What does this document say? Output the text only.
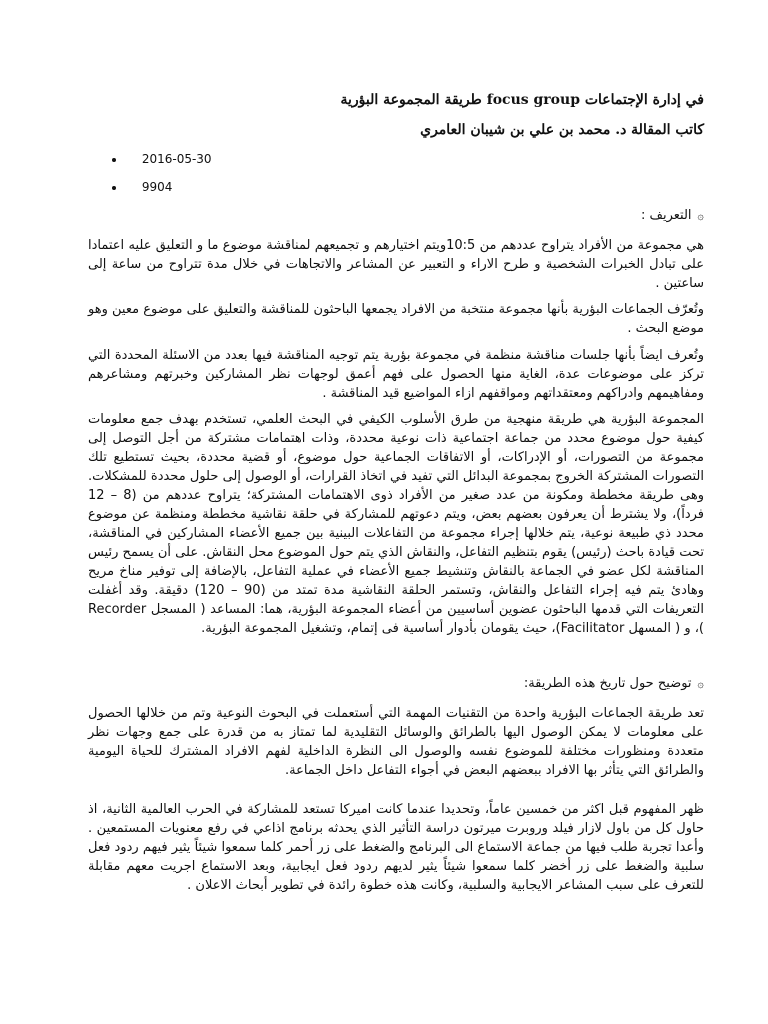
في إدارة الإجتماعات focus group طريقة المجموعة البؤرية
كاتب المقالة د. محمد بن علي بن شيبان العامري
2016-05-30
9904
۞التعريف :
هي مجموعة من الأفراد يتراوح عددهم من 10:5ويتم اختيارهم و تجميعهم لمناقشة موضوع ما و التعليق عليه اعتمادا على تبادل الخبرات الشخصية و طرح الاراء و التعبير عن المشاعر والاتجاهات في خلال مدة تتراوح من ساعة إلى ساعتين .
وتُعرّف الجماعات البؤرية بأنها مجموعة منتخبة من الافراد يجمعها الباحثون للمناقشة والتعليق على موضوع معين وهو موضع البحث .
وتُعرف ايضاً بأنها جلسات مناقشة منظمة في مجموعة بؤرية يتم توجيه المناقشة فيها بعدد من الاسئلة المحددة التي تركز على موضوعات عدة، الغاية منها الحصول على فهم أعمق لوجهات نظر المشاركين وخبرتهم ومشاعرهم ومفاهيمهم وادراكهم ومعتقداتهم ومواقفهم ازاء المواضيع قيد المناقشة .
المجموعة البؤرية هي طريقة منهجية من طرق الأسلوب الكيفي في البحث العلمي، تستخدم بهدف جمع معلومات كيفية حول موضوع محدد من جماعة اجتماعية ذات نوعية محددة، وذات اهتمامات مشتركة من أجل التوصل إلى مجموعة من التصورات، أو الإدراكات، أو الاتفاقات الجماعية حول موضوع، أو قضية محددة، بحيث تستطيع تلك التصورات المشتركة الخروج بمجموعة البدائل التي تفيد في اتخاذ القرارات، أو الوصول إلى حلول محددة للمشكلات. وهى طريقة مخططة ومكونة من عدد صغير من الأفراد ذوى الاهتمامات المشتركة؛ يتراوح عددهم من (8 – 12 فرداً)، ولا يشترط أن يعرفون بعضهم بعض، ويتم دعوتهم للمشاركة في حلقة نقاشية مخططة ومنظمة عن موضوع محدد ذي طبيعة نوعية، يتم خلالها إجراء مجموعة من التفاعلات البينية بين جميع الأعضاء المشاركين في المناقشة، تحت قيادة باحث (رئيس) يقوم بتنظيم التفاعل، والنقاش الذي يتم حول الموضوع محل النقاش. على أن يسمح رئيس المناقشة لكل عضو في الجماعة بالنقاش وتنشيط جميع الأعضاء في عملية التفاعل، بالإضافة إلى توفير مناخ مريح وهادئ يتم فيه إجراء التفاعل والنقاش، وتستمر الحلقة النقاشية مدة تمتد من (90 – 120) دقيقة. وقد أغفلت التعريفات التي قدمها الباحثون عضوين أساسيين من أعضاء المجموعة البؤرية، هما: المساعد ( المسجل Recorder )، و ( المسهل Facilitator)، حيث يقومان بأدوار أساسية فى إتمام، وتشغيل المجموعة البؤرية.
۞توضيح حول تاريخ هذه الطريقة:
تعد طريقة الجماعات البؤرية واحدة من التقنيات المهمة التي أستعملت في البحوث النوعية وتم من خلالها الحصول على معلومات لا يمكن الوصول اليها بالطرائق والوسائل التقليدية لما تمتاز به من قدرة على جمع وجهات نظر متعددة ومنظورات مختلفة للموضوع نفسه والوصول الى النظرة الداخلية لفهم الافراد المشترك للحياة اليومية والطرائق التي يتأثر بها الافراد ببعضهم البعض في أجواء التفاعل داخل الجماعة.
ظهر المفهوم قبل اكثر من خمسين عاماً، وتحديدا عندما كانت اميركا تستعد للمشاركة في الحرب العالمية الثانية، اذ حاول كل من باول لازار فيلد وروبرت ميرتون دراسة التأثير الذي يحدثه برنامج اذاعي في رفع معنويات المستمعين . وأعدا تجربة طلب فيها من جماعة الاستماع الى البرنامج والضغط على زر أحمر كلما سمعوا شيئاً يثير فيهم ردود فعل سلبية والضغط على زر أخضر كلما سمعوا شيئاً يثير لديهم ردود فعل ايجابية، وبعد الاستماع اجريت معهم مقابلة للتعرف على سبب المشاعر الايجابية والسلبية، وكانت هذه خطوة رائدة في تطوير أبحاث الاعلان .
